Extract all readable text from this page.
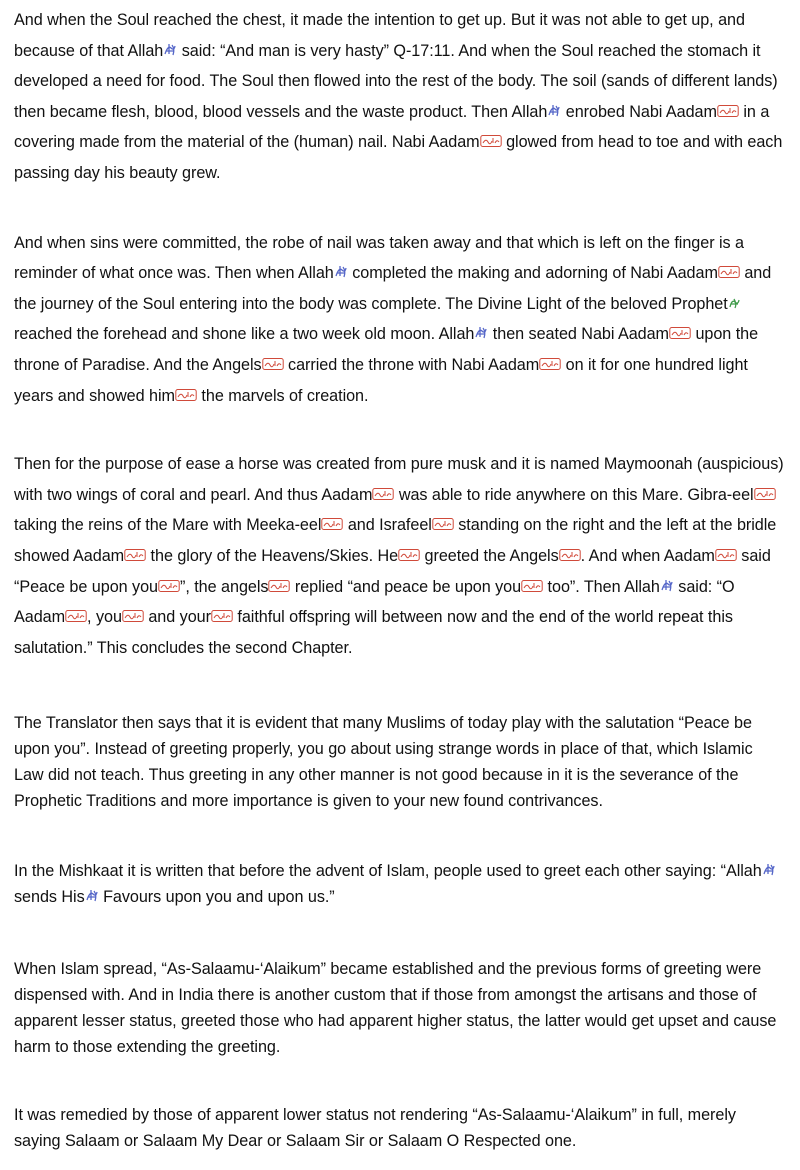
And when the Soul reached the chest, it made the intention to get up. But it was not able to get up, and because of that Allah
said: “And man is very hasty” Q-17:11. And when the Soul reached the stomach it developed a need for food. The Soul then flowed into the rest of the body. The soil (sands of different lands) then became flesh, blood, blood vessels and the waste product. Then Allah
enrobed Nabi Aadam
in a covering made from the material of the (human) nail. Nabi Aadam
glowed from head to toe and with each passing day his beauty grew.

And when sins were committed, the robe of nail was taken away and that which is left on the finger is a reminder of what once was. Then when Allah
completed the making and adorning of Nabi Aadam
and the journey of the Soul entering into the body was complete. The Divine Light of the beloved Prophet
reached the forehead and shone like a two week old moon. Allah
then seated Nabi Aadam
upon the throne of Paradise. And the Angels
carried the throne with Nabi Aadam
on it for one hundred light years and showed him
the marvels of creation.

Then for the purpose of ease a horse was created from pure musk and it is named Maymoonah (auspicious) with two wings of coral and pearl. And thus Aadam
was able to ride anywhere on this Mare. Gibra-eel
taking the reins of the Mare with Meeka-eel
and Israfeel
standing on the right and the left at the bridle showed Aadam
the glory of the Heavens/Skies. He
greeted the Angels . And when Aadam
said “Peace be upon you ”, the angels
replied “and peace be upon you
too”. Then Allah
said: “O Aadam , you
and your
faithful offspring will between now and the end of the world repeat this salutation.” This concludes the second Chapter.

The Translator then says that it is evident that many Muslims of today play with the salutation “Peace be upon you”. Instead of greeting properly, you go about using strange words in place of that, which Islamic Law did not teach. Thus greeting in any other manner is not good because in it is the severance of the Prophetic Traditions and more importance is given to your new found contrivances.

In the Mishkaat it is written that before the advent of Islam, people used to greet each other saying: “Allah
sends His
Favours upon you and upon us.”

When Islam spread, “As-Salaamu-‘Alaikum” became established and the previous forms of greeting were dispensed with. And in India there is another custom that if those from amongst the artisans and those of apparent lesser status, greeted those who had apparent higher status, the latter would get upset and cause harm to those extending the greeting.

It was remedied by those of apparent lower status not rendering “As-Salaamu-‘Alaikum” in full, merely saying Salaam or Salaam My Dear or Salaam Sir or Salaam O Respected one.
